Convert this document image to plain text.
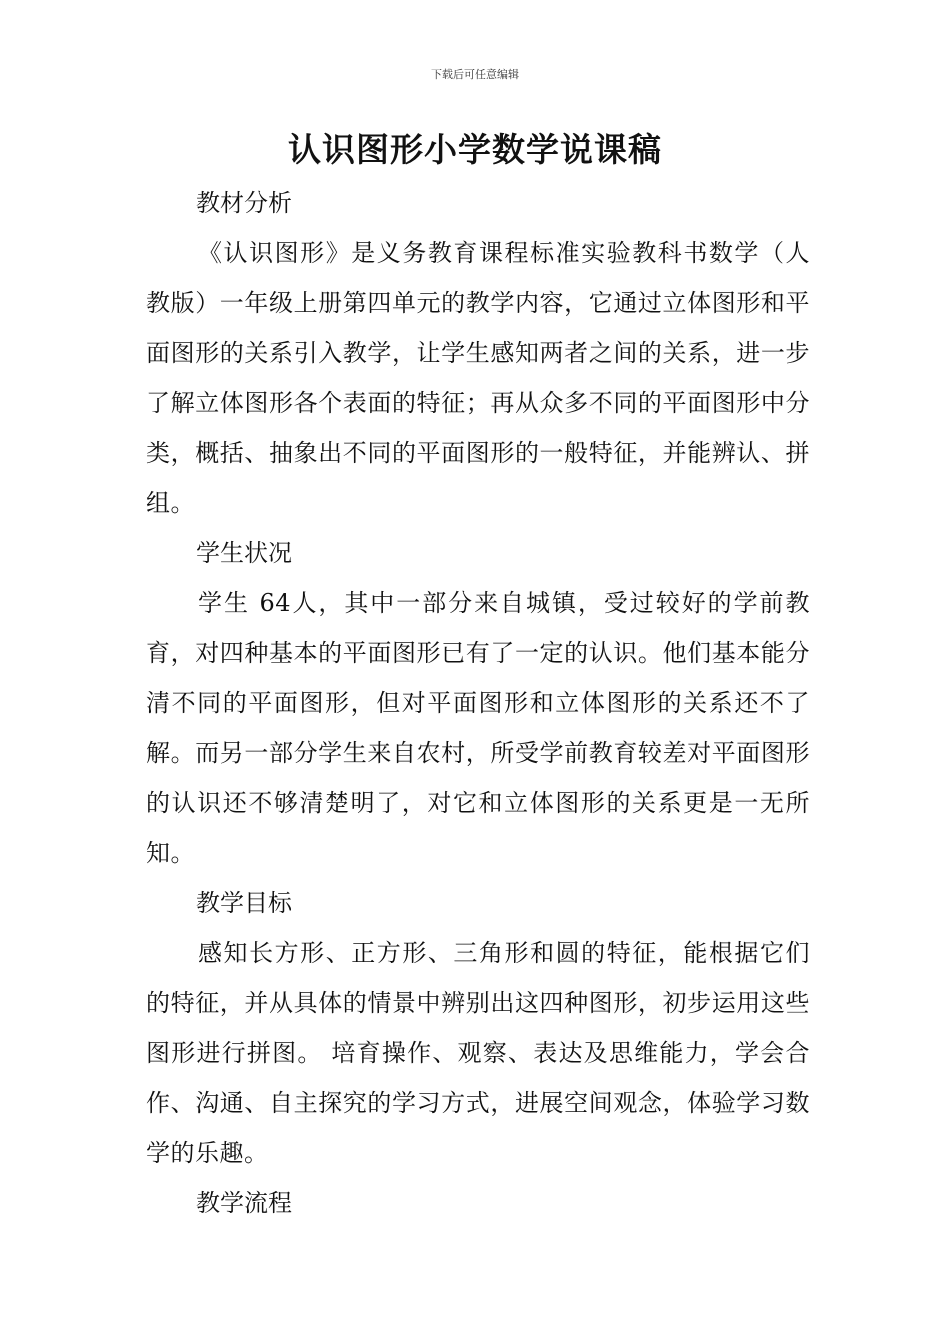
下载后可任意编辑
认识图形小学数学说课稿
教材分析

《认识图形》是义务教育课程标准实验教科书数学（人教版）一年级上册第四单元的教学内容，它通过立体图形和平面图形的关系引入教学，让学生感知两者之间的关系，进一步了解立体图形各个表面的特征；再从众多不同的平面图形中分类，概括、抽象出不同的平面图形的一般特征，并能辨认、拼组。

学生状况

学生 64人，其中一部分来自城镇，受过较好的学前教育，对四种基本的平面图形已有了一定的认识。他们基本能分清不同的平面图形，但对平面图形和立体图形的关系还不了解。而另一部分学生来自农村，所受学前教育较差对平面图形的认识还不够清楚明了，对它和立体图形的关系更是一无所知。

教学目标

感知长方形、正方形、三角形和圆的特征，能根据它们的特征，并从具体的情景中辨别出这四种图形，初步运用这些图形进行拼图。 培育操作、观察、表达及思维能力，学会合作、沟通、自主探究的学习方式，进展空间观念，体验学习数学的乐趣。

教学流程
